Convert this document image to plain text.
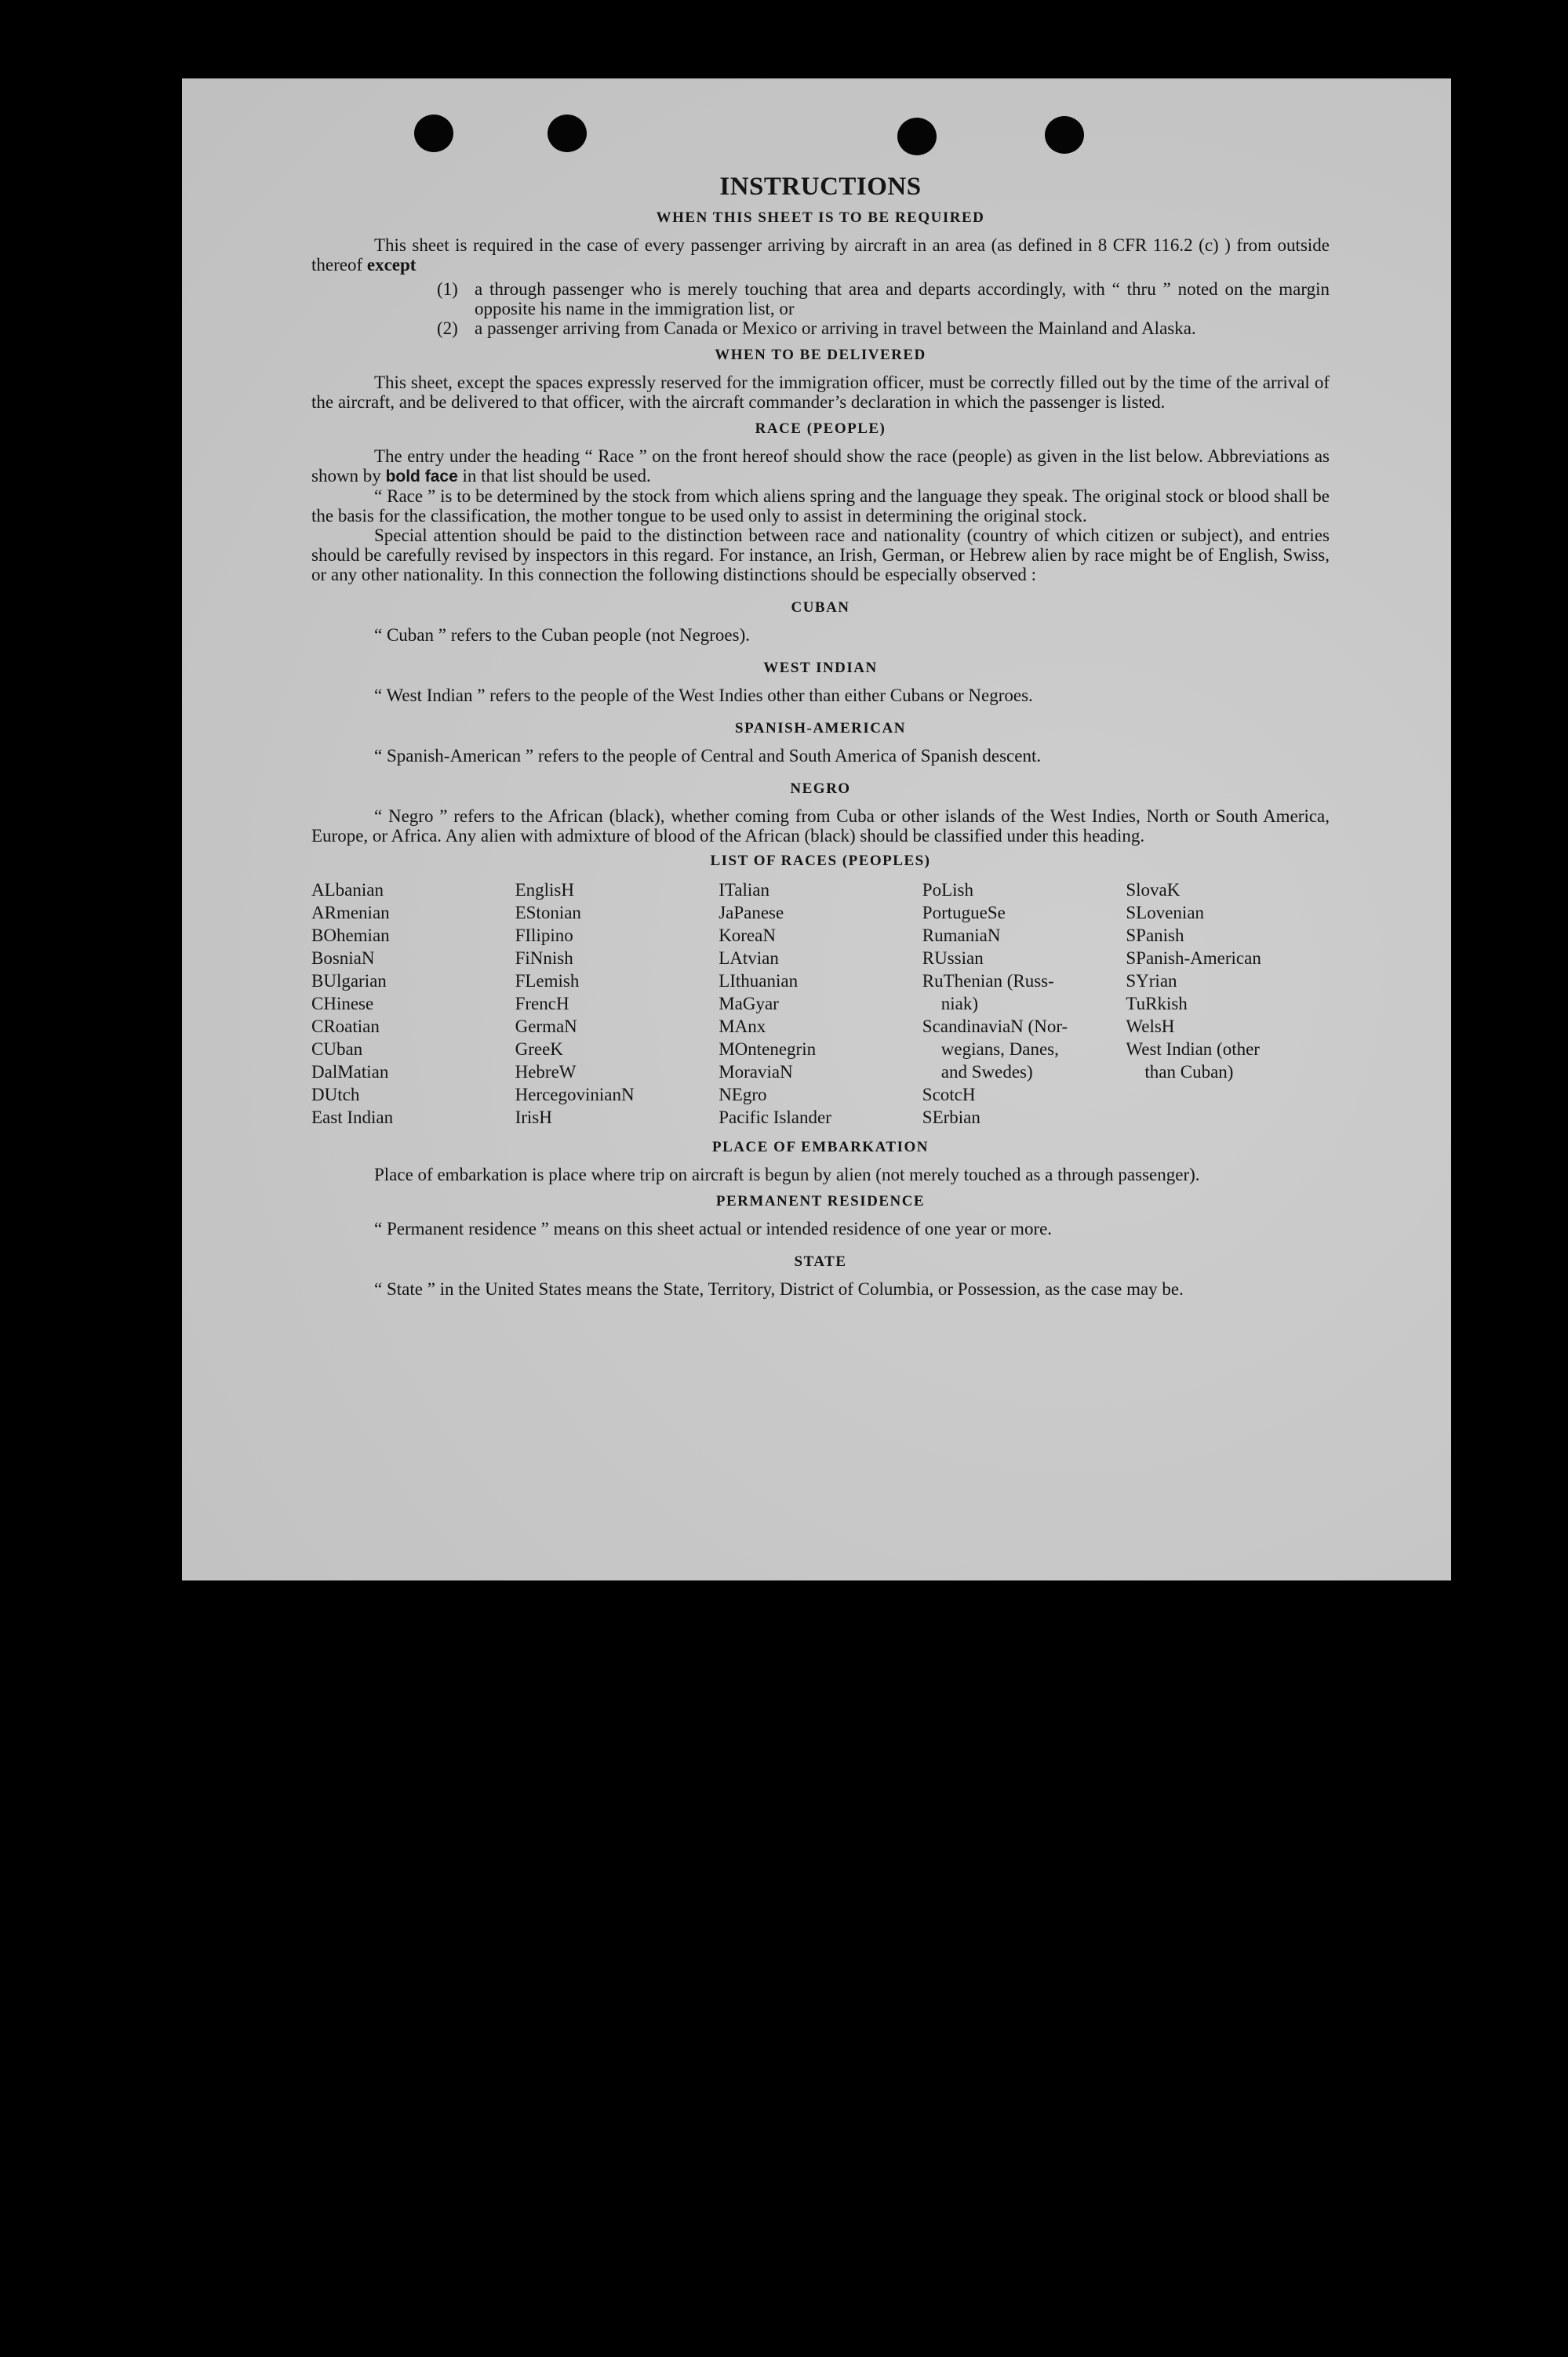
INSTRUCTIONS
WHEN THIS SHEET IS TO BE REQUIRED

This sheet is required in the case of every passenger arriving by aircraft in an area (as defined in 8 CFR 116.2 (c) ) from outside thereof except

(1) a through passenger who is merely touching that area and departs accordingly, with “ thru ” noted on the margin opposite his name in the immigration list, or
(2) a passenger arriving from Canada or Mexico or arriving in travel between the Mainland and Alaska.
WHEN TO BE DELIVERED

This sheet, except the spaces expressly reserved for the immigration officer, must be correctly filled out by the time of the arrival of the aircraft, and be delivered to that officer, with the aircraft commander’s declaration in which the passenger is listed.

RACE (PEOPLE)

The entry under the heading “ Race ” on the front hereof should show the race (people) as given in the list below. Abbreviations as shown by bold face in that list should be used.

“ Race ” is to be determined by the stock from which aliens spring and the language they speak. The original stock or blood shall be the basis for the classification, the mother tongue to be used only to assist in determining the original stock.

Special attention should be paid to the distinction between race and nationality (country of which citizen or subject), and entries should be carefully revised by inspectors in this regard. For instance, an Irish, German, or Hebrew alien by race might be of English, Swiss, or any other nationality. In this connection the following distinctions should be especially observed :

CUBAN

“ Cuban ” refers to the Cuban people (not Negroes).

WEST INDIAN

“ West Indian ” refers to the people of the West Indies other than either Cubans or Negroes.

SPANISH-AMERICAN

“ Spanish-American ” refers to the people of Central and South America of Spanish descent.

NEGRO

“ Negro ” refers to the African (black), whether coming from Cuba or other islands of the West Indies, North or South America, Europe, or Africa. Any alien with admixture of blood of the African (black) should be classified under this heading.

LIST OF RACES (PEOPLES)
ALbanian
ARmenian
BOhemian
BosniaN
BUlgarian
CHinese
CRoatian
CUban
DalMatian
DUtch
East Indian
EnglisH
EStonian
FIlipino
FiNnish
FLemish
FrencH
GermaN
GreeK
HebreW
HercegovinianN
IrisH
ITalian
JaPanese
KoreaN
LAtvian
LIthuanian
MaGyar
MAnx
MOntenegrin
MoraviaN
NEgro
Pacific Islander
PoLish
PortugueSe
RumaniaN
RUssian
RuThenian (Russ-
niak)
ScandinaviaN (Nor-
wegians, Danes,
and Swedes)
ScotcH
SErbian
SlovaK
SLovenian
SPanish
SPanish-American
SYrian
TuRkish
WelsH
West Indian (other
than Cuban)
PLACE OF EMBARKATION

Place of embarkation is place where trip on aircraft is begun by alien (not merely touched as a through passenger).

PERMANENT RESIDENCE

“ Permanent residence ” means on this sheet actual or intended residence of one year or more.

STATE

“ State ” in the United States means the State, Territory, District of Columbia, or Possession, as the case may be.
